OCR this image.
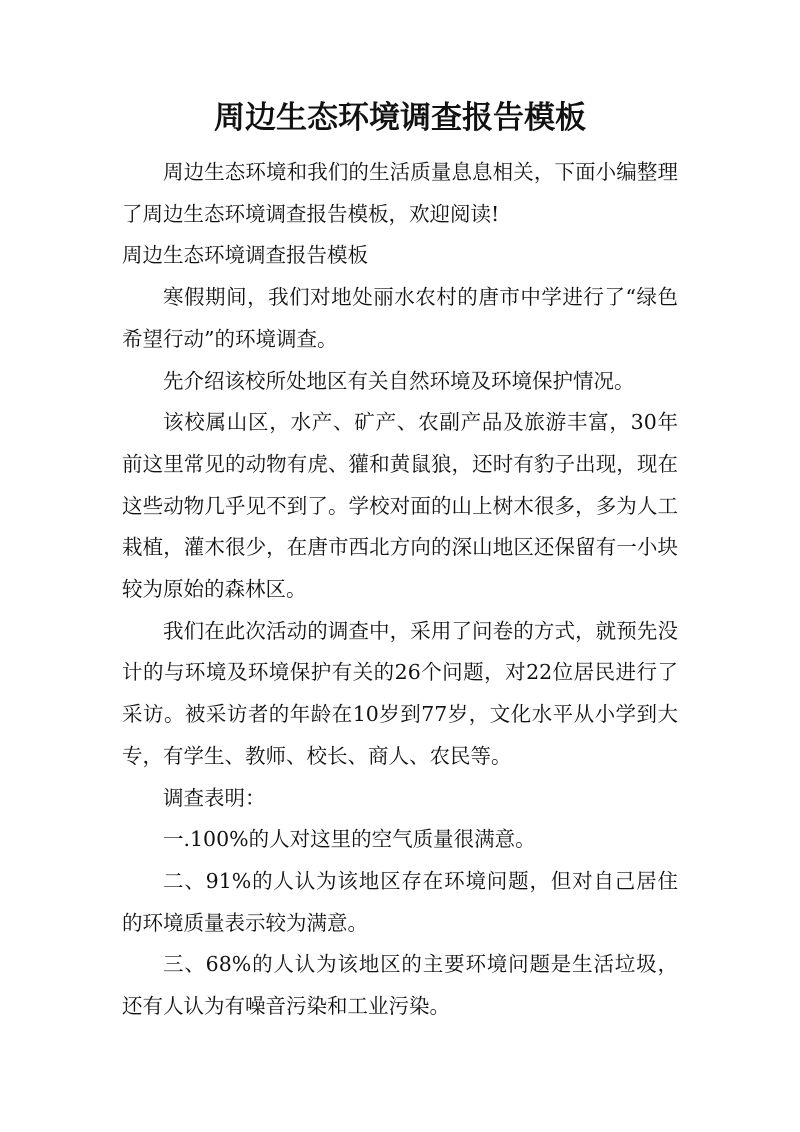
周边生态环境调查报告模板

周边生态环境和我们的生活质量息息相关，下面小编整理了周边生态环境调查报告模板，欢迎阅读!

周边生态环境调查报告模板

寒假期间，我们对地处丽水农村的唐市中学进行了“绿色希望行动”的环境调查。

先介绍该校所处地区有关自然环境及环境保护情况。

该校属山区，水产、矿产、农副产品及旅游丰富，30年前这里常见的动物有虎、獾和黄鼠狼，还时有豹子出现，现在这些动物几乎见不到了。学校对面的山上树木很多，多为人工栽植，灌木很少，在唐市西北方向的深山地区还保留有一小块较为原始的森林区。

我们在此次活动的调查中，采用了问卷的方式，就预先没计的与环境及环境保护有关的26个问题，对22位居民进行了采访。被采访者的年龄在10岁到77岁，文化水平从小学到大专，有学生、教师、校长、商人、农民等。

调查表明：

一.100%的人对这里的空气质量很满意。

二、91%的人认为该地区存在环境问题，但对自己居住的环境质量表示较为满意。

三、68%的人认为该地区的主要环境问题是生活垃圾，还有人认为有噪音污染和工业污染。
